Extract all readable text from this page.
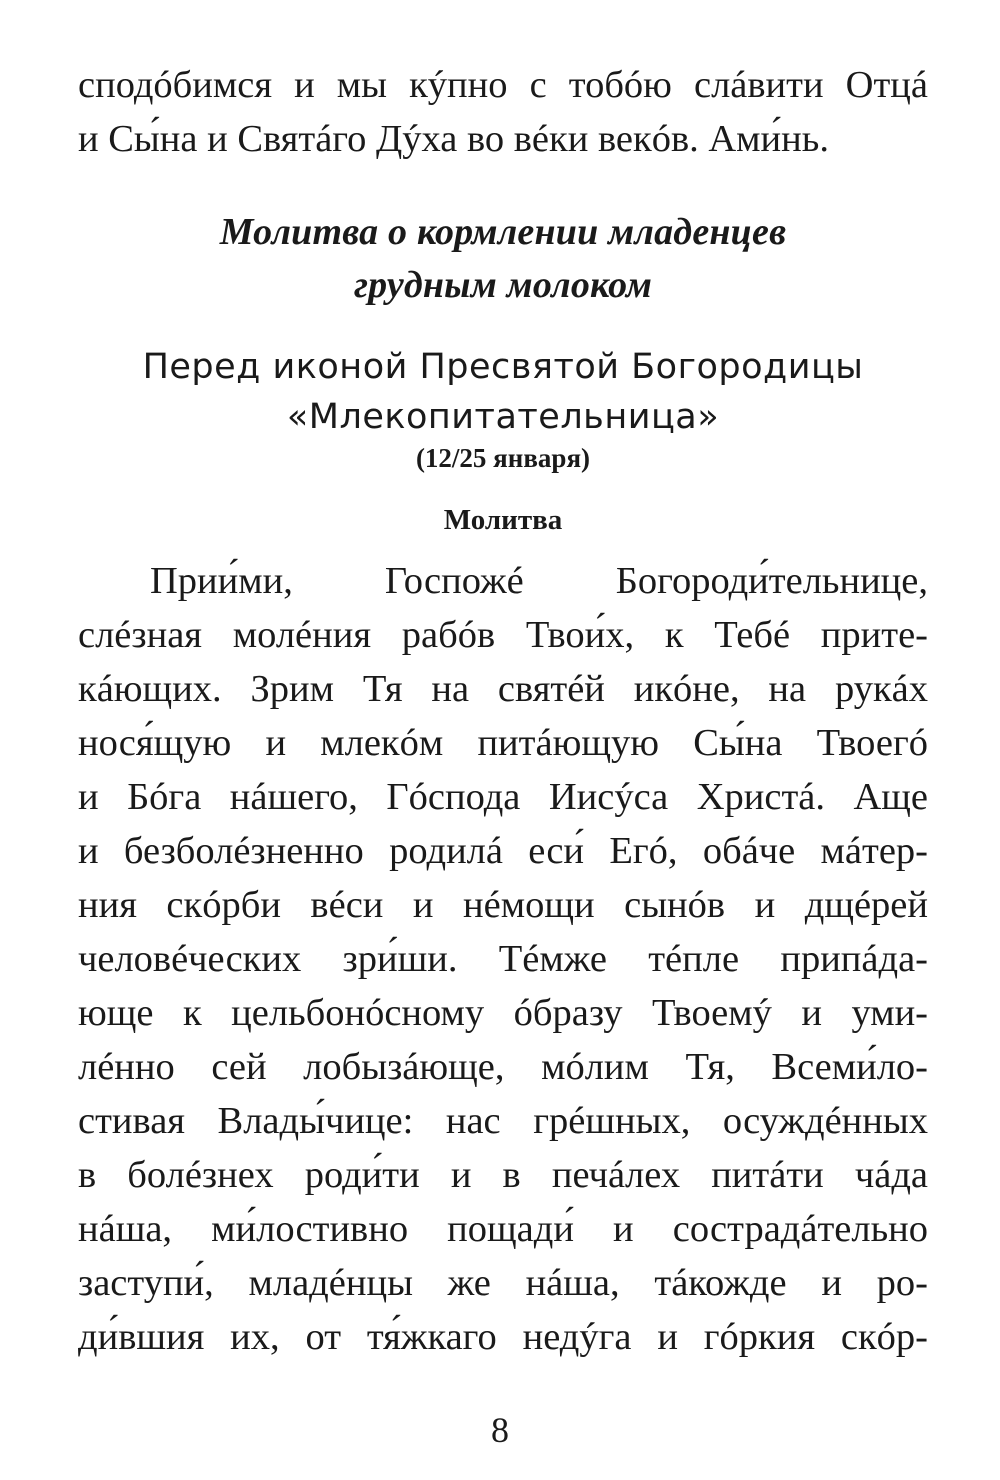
сподóбимся и мы кýпно с тобóю слáвити Отцá
и Сы́на и Святáго Дýха во вéки векóв. Ами́нь.
Молитва о кормлении младенцев
грудным молоком
Перед иконой Пресвятой Богородицы
«Млекопитательница»
(12/25 января)
Молитва
Прии́ми, Госпожé Богороди́тельнице,
слéзная молéния рабóв Твои́х, к Тебé прите-
кáющих. Зрим Тя на святéй икóне, на рукáх
нося́щую и млекóм питáющую Сы́на Твоегó
и Бóга нáшего, Гóспода Иисýса Христá. Аще
и безболéзненно родилá еси́ Егó, обáче мáтер-
ния скóрби вéси и нéмощи сынóв и дщéрей
человéческих зри́ши. Тéмже тéпле припáда-
юще к цельбонóсному óбразу Твоемý и уми-
лéнно сей лобызáюще, мóлим Тя, Всеми́ло-
стивая Влады́чице: нас грéшных, осуждéнных
в болéзнех роди́ти и в печáлех питáти чáда
нáша, ми́лостивно пощади́ и сострадáтельно
заступи́, младéнцы же нáша, тáкожде и ро-
ди́вшия их, от тя́жкаго недýга и гóркия скóр-
8
